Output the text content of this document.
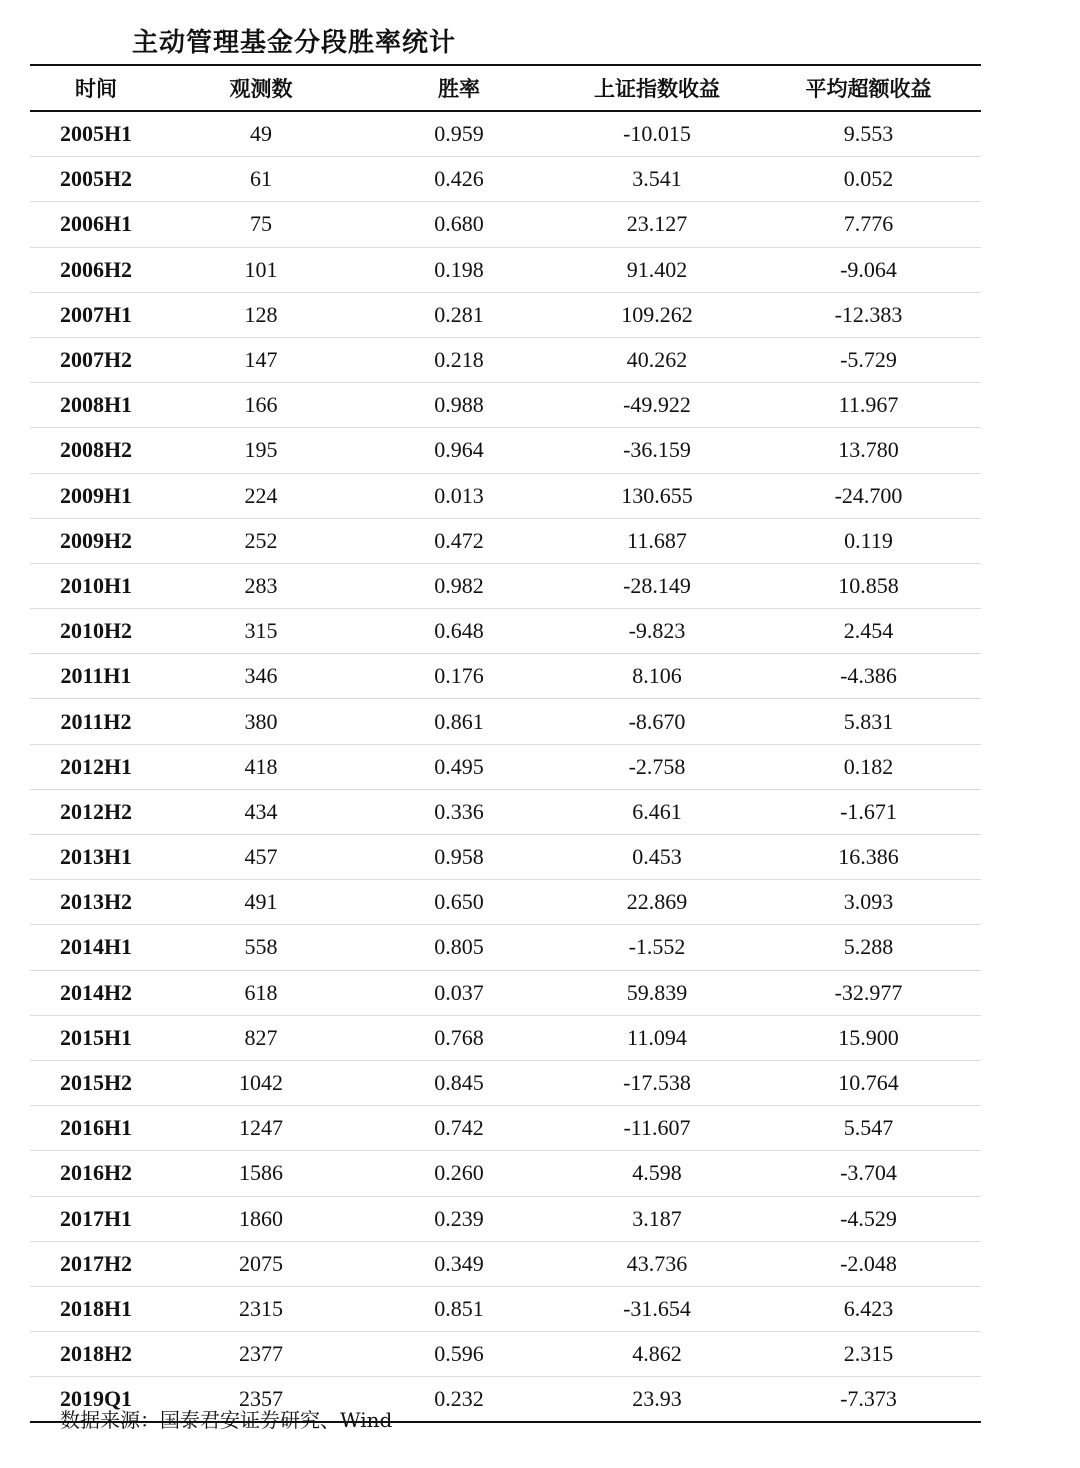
主动管理基金分段胜率统计
时间	观测数	胜率	上证指数收益	平均超额收益
2005H1	49	0.959	-10.015	9.553
2005H2	61	0.426	3.541	0.052
2006H1	75	0.680	23.127	7.776
2006H2	101	0.198	91.402	-9.064
2007H1	128	0.281	109.262	-12.383
2007H2	147	0.218	40.262	-5.729
2008H1	166	0.988	-49.922	11.967
2008H2	195	0.964	-36.159	13.780
2009H1	224	0.013	130.655	-24.700
2009H2	252	0.472	11.687	0.119
2010H1	283	0.982	-28.149	10.858
2010H2	315	0.648	-9.823	2.454
2011H1	346	0.176	8.106	-4.386
2011H2	380	0.861	-8.670	5.831
2012H1	418	0.495	-2.758	0.182
2012H2	434	0.336	6.461	-1.671
2013H1	457	0.958	0.453	16.386
2013H2	491	0.650	22.869	3.093
2014H1	558	0.805	-1.552	5.288
2014H2	618	0.037	59.839	-32.977
2015H1	827	0.768	11.094	15.900
2015H2	1042	0.845	-17.538	10.764
2016H1	1247	0.742	-11.607	5.547
2016H2	1586	0.260	4.598	-3.704
2017H1	1860	0.239	3.187	-4.529
2017H2	2075	0.349	43.736	-2.048
2018H1	2315	0.851	-31.654	6.423
2018H2	2377	0.596	4.862	2.315
2019Q1	2357	0.232	23.93	-7.373
数据来源：国泰君安证券研究、Wind
